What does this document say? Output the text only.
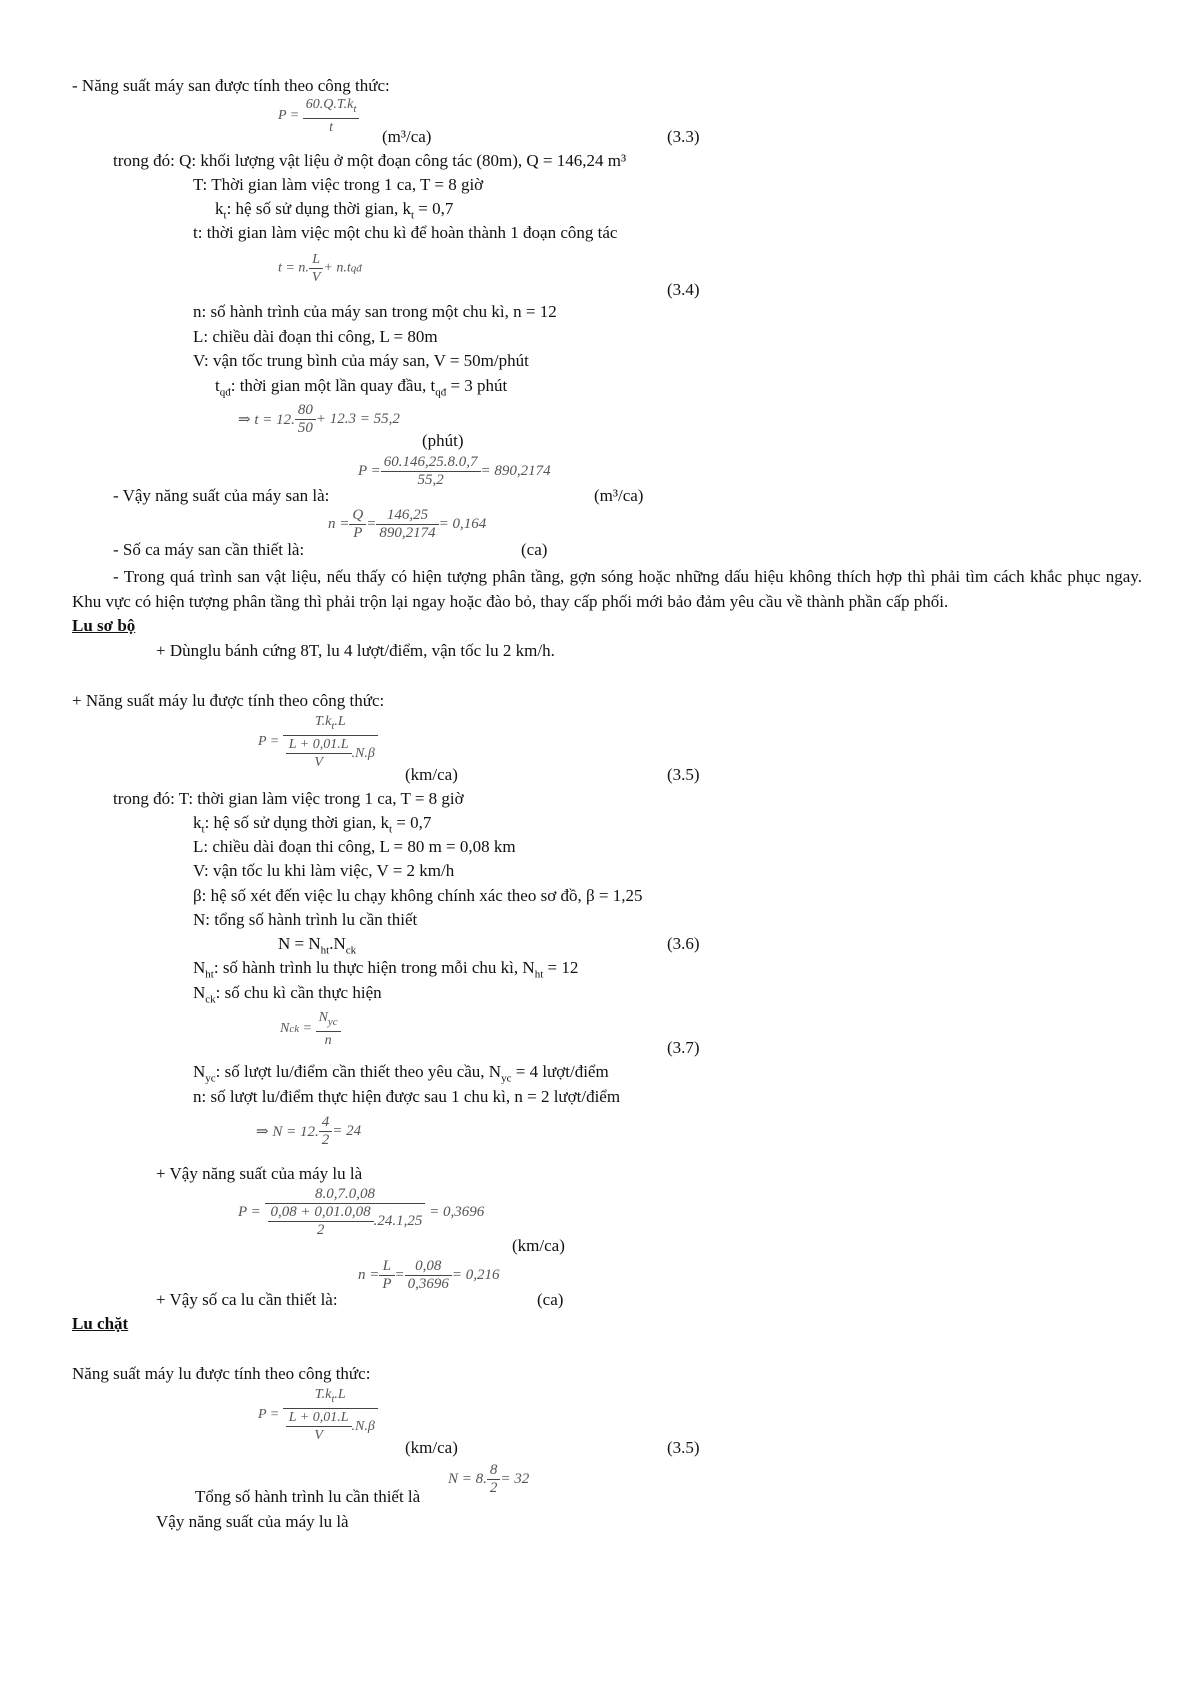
- Năng suất máy san được tính theo công thức:
$P = \frac{60.Q.T.k_t}{t}$
(m³/ca)	(3.3)
trong đó: Q: khối lượng vật liệu ở một đoạn công tác (80m), Q = 146,24 m³
T: Thời gian làm việc trong 1 ca, T = 8 giờ
$k_t$: hệ số sử dụng thời gian, $k_t = 0,7$
t: thời gian làm việc một chu kì để hoàn thành 1 đoạn công tác
t = n. $\frac{L}{V}$ + n.tqđ
(3.4)
n: số hành trình của máy san trong một chu kì, n = 12
L: chiều dài đoạn thi công, L = 80m
V: vận tốc trung bình của máy san, V = 50m/phút
$t_{qđ}$: thời gian một lần quay đầu, $t_{qđ} = 3$ phút
⇒ t = 12. $\frac{80}{50} + 12.3 = 55,2$
(phút)
- Vậy năng suất của máy san là:
$P = \frac{60.146,25.8.0,7}{55,2} = 890,2174$
(m³/ca)
- Số ca máy san cần thiết là:
$n = \frac{Q}{P} = \frac{146,25}{890,2174} = 0,164$
(ca)
- Trong quá trình san vật liệu, nếu thấy có hiện tượng phân tầng, gợn sóng hoặc những dấu hiệu không thích hợp thì phải tìm cách khắc phục ngay. Khu vực có hiện tượng phân tầng thì phải trộn lại ngay hoặc đào bỏ, thay cấp phối mới bảo đảm yêu cầu về thành phần cấp phối.
Lu sơ bộ
+ Dùnglu bánh cứng 8T, lu 4 lượt/điểm, vận tốc lu 2 km/h.
+ Năng suất máy lu được tính theo công thức:
$P = \frac{T.k_t.L}{\frac{L + 0,01.L}{V} .N.\beta}$
(km/ca)	(3.5)
trong đó: T: thời gian làm việc trong 1 ca, T = 8 giờ
$k_t$: hệ số sử dụng thời gian, $k_t = 0,7$
L: chiều dài đoạn thi công, L = 80 m = 0,08 km
V: vận tốc lu khi làm việc, V = 2 km/h
β: hệ số xét đến việc lu chạy không chính xác theo sơ đồ, β = 1,25
N: tổng số hành trình lu cần thiết
$N = N_{ht}.N_{ck}$	(3.6)
$N_{ht}$: số hành trình lu thực hiện trong mỗi chu kì, $N_{ht} = 12$
$N_{ck}$: số chu kì cần thực hiện
Nck =
$N_{yc}$
n	(3.7)
$N_{yc}$: số lượt lu/điểm cần thiết theo yêu cầu, $N_{yc} = 4$ lượt/điểm
n: số lượt lu/điểm thực hiện được sau 1 chu kì, n = 2 lượt/điểm
⇒ N = 12. $\frac{4}{2} = 24$
+ Vậy năng suất của máy lu là
$P = \frac{8.0,7.0,08}{\frac{0,08 + 0,01.0,08}{2} .24.1,25} = 0,3696$
(km/ca)
+ Vậy số ca lu cần thiết là:
$n = \frac{L}{P} = \frac{0,08}{0,3696} = 0,216$
(ca)
Lu chặt
Năng suất máy lu được tính theo công thức:
$P = \frac{T.k_t.L}{\frac{L + 0,01.L}{V} .N.\beta}$
(km/ca)	(3.5)
Tổng số hành trình lu cần thiết là
N = 8. $\frac{8}{2} = 32$
Vậy năng suất của máy lu là
